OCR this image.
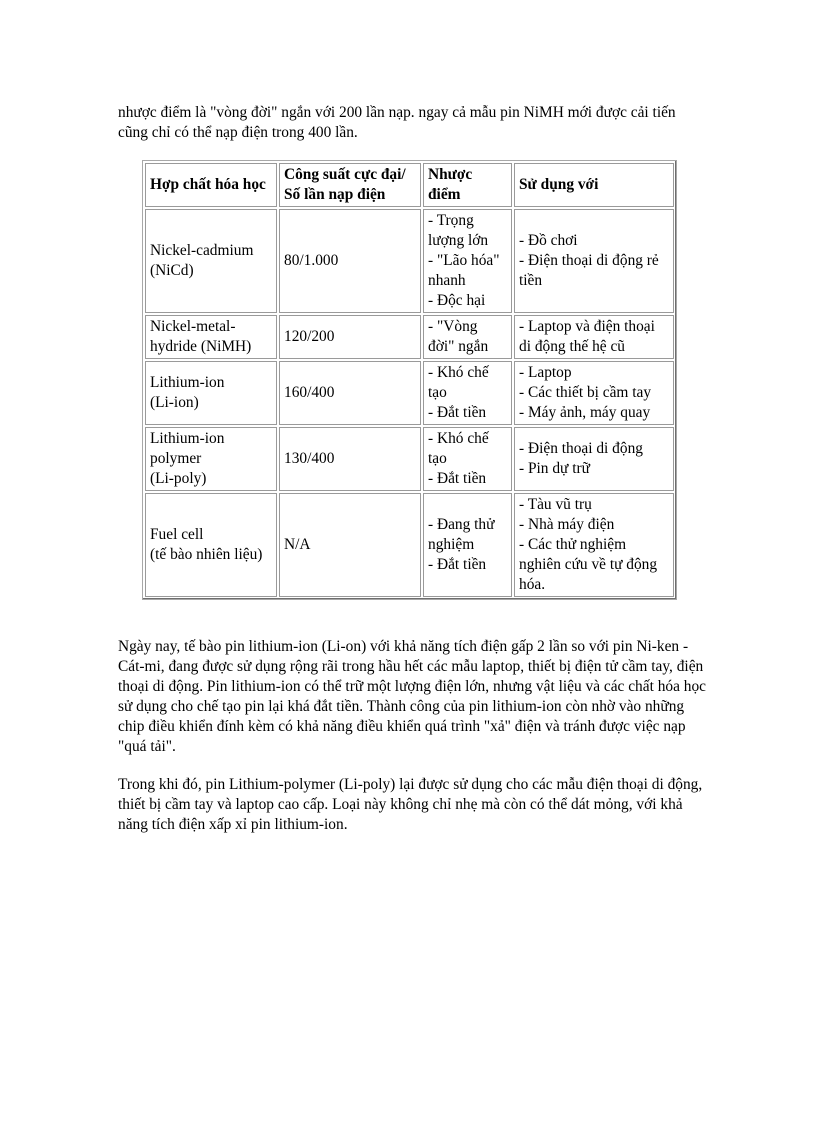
nhược điểm là "vòng đời" ngắn với 200 lần nạp. ngay cả mẫu pin NiMH mới được cải tiến cũng chỉ có thể nạp điện trong 400 lần.

Hợp chất hóa học	Công suất cực đại/ Số lần nạp điện	Nhược điểm	Sử dụng với

Nickel-cadmium
(NiCd)	80/1.000	- Trọng lượng lớn
- "Lão hóa" nhanh
- Độc hại	- Đồ chơi
- Điện thoại di động rẻ tiền

Nickel-metal-hydride (NiMH)	120/200	- "Vòng đời" ngắn	- Laptop và điện thoại di động thế hệ cũ

Lithium-ion
(Li-ion)	160/400	- Khó chế tạo
- Đắt tiền	- Laptop
- Các thiết bị cầm tay
- Máy ảnh, máy quay

Lithium-ion polymer
(Li-poly)	130/400	- Khó chế tạo
- Đắt tiền	- Điện thoại di động
- Pin dự trữ

Fuel cell
(tế bào nhiên liệu)	N/A	- Đang thử nghiệm
- Đắt tiền	- Tàu vũ trụ
- Nhà máy điện
- Các thử nghiệm nghiên cứu về tự động hóa.

Ngày nay, tế bào pin lithium-ion (Li-on) với khả năng tích điện gấp 2 lần so với pin Ni-ken - Cát-mi, đang được sử dụng rộng rãi trong hầu hết các mẫu laptop, thiết bị điện tử cầm tay, điện thoại di động. Pin lithium-ion có thể trữ một lượng điện lớn, nhưng vật liệu và các chất hóa học sử dụng cho chế tạo pin lại khá đắt tiền. Thành công của pin lithium-ion còn nhờ vào những chip điều khiển đính kèm có khả năng điều khiển quá trình "xả" điện và tránh được việc nạp "quá tải".

Trong khi đó, pin Lithium-polymer (Li-poly) lại được sử dụng cho các mẫu điện thoại di động, thiết bị cầm tay và laptop cao cấp. Loại này không chỉ nhẹ mà còn có thể dát mỏng, với khả năng tích điện xấp xỉ pin lithium-ion.
